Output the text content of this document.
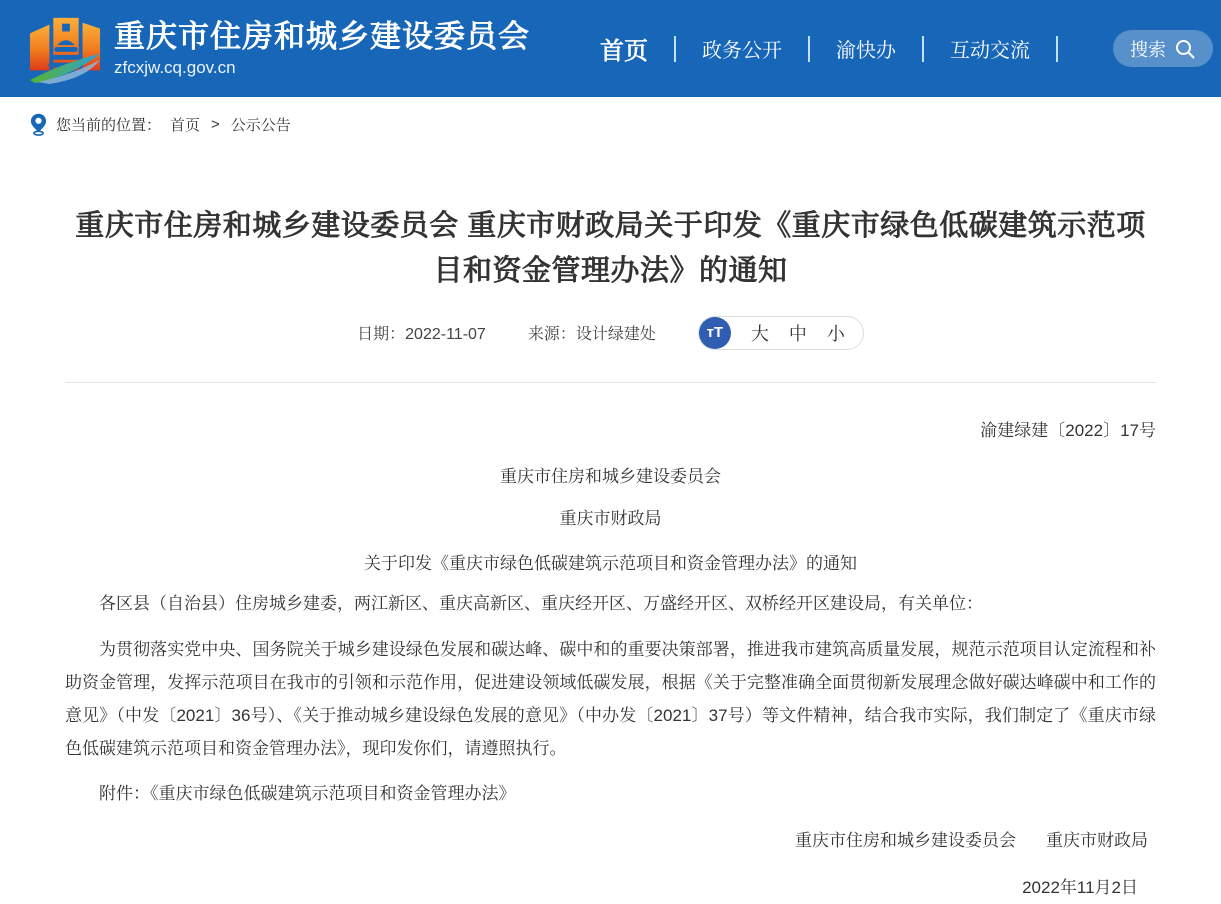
重庆市住房和城乡建设委员会
zfcxjw.cq.gov.cn
首页	政务公开	渝快办	互动交流	搜索
您当前的位置： 首页 > 公示公告
重庆市住房和城乡建设委员会 重庆市财政局关于印发《重庆市绿色低碳建筑示范项目和资金管理办法》的通知
日期：2022-11-07	来源：设计绿建处	тT	大 中 小
渝建绿建〔2022〕17号

重庆市住房和城乡建设委员会

重庆市财政局

关于印发《重庆市绿色低碳建筑示范项目和资金管理办法》的通知

各区县（自治县）住房城乡建委，两江新区、重庆高新区、重庆经开区、万盛经开区、双桥经开区建设局，有关单位：

为贯彻落实党中央、国务院关于城乡建设绿色发展和碳达峰、碳中和的重要决策部署，推进我市建筑高质量发展，规范示范项目认定流程和补助资金管理，发挥示范项目在我市的引领和示范作用，促进建设领域低碳发展，根据《关于完整准确全面贯彻新发展理念做好碳达峰碳中和工作的意见》（中发〔2021〕36号）、《关于推动城乡建设绿色发展的意见》（中办发〔2021〕37号）等文件精神，结合我市实际，我们制定了《重庆市绿色低碳建筑示范项目和资金管理办法》，现印发你们，请遵照执行。

附件：《重庆市绿色低碳建筑示范项目和资金管理办法》

重庆市住房和城乡建设委员会 重庆市财政局
2022年11月2日
